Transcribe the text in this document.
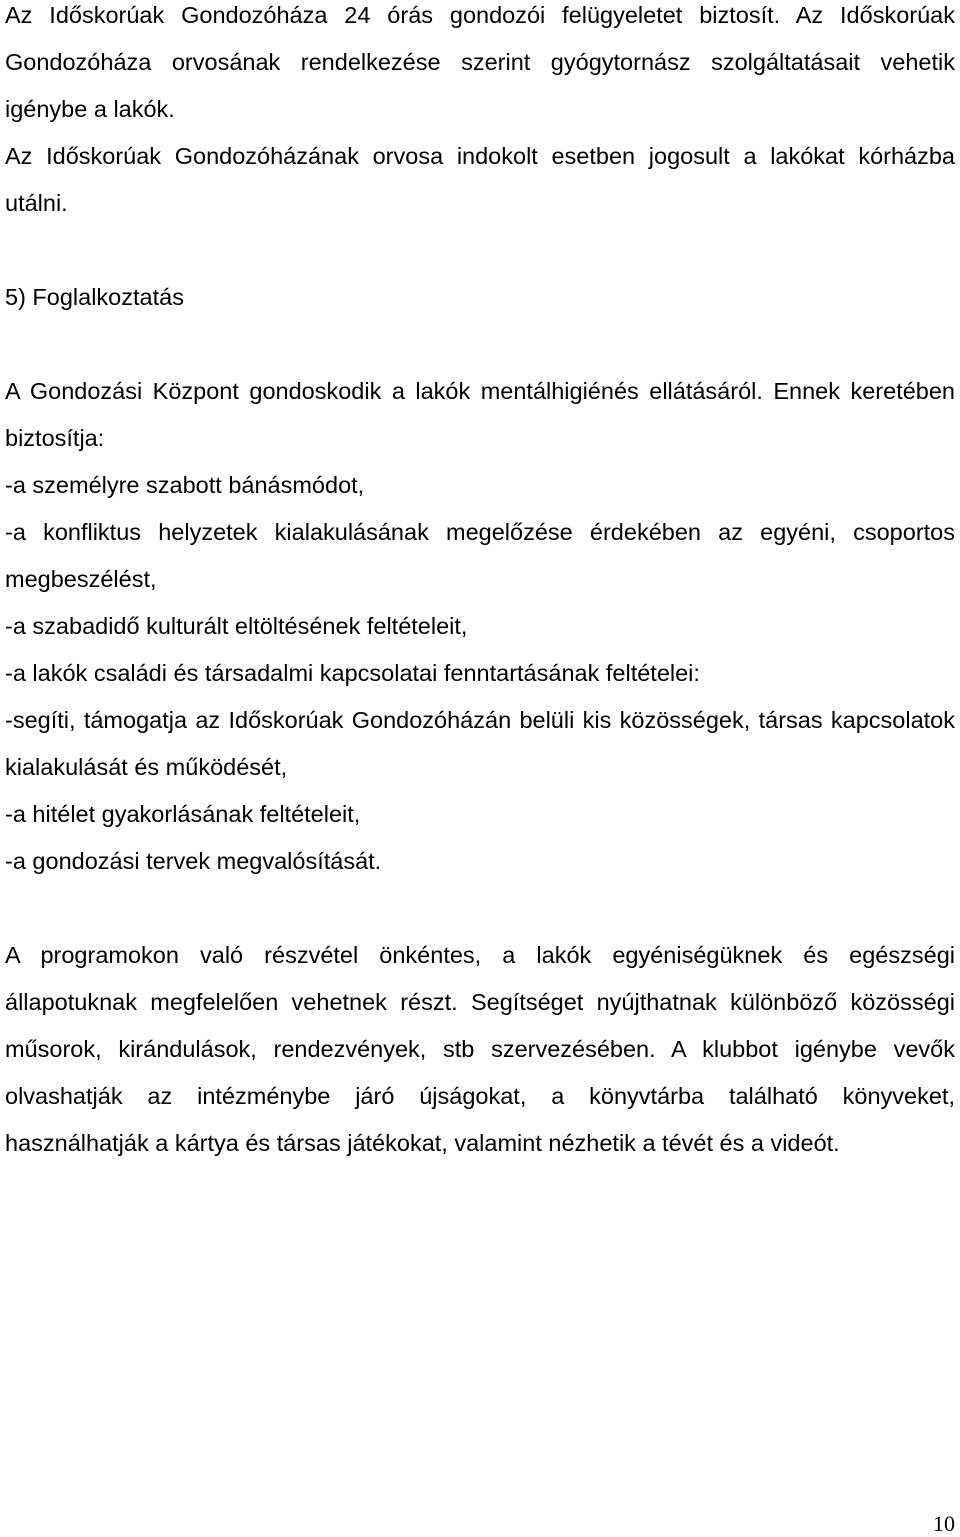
Az Időskorúak Gondozóháza 24 órás gondozói felügyeletet biztosít. Az Időskorúak Gondozóháza orvosának rendelkezése szerint gyógytornász szolgáltatásait vehetik igénybe a lakók.

Az Időskorúak Gondozóházának orvosa indokolt esetben jogosult a lakókat kórházba utálni.

5) Foglalkoztatás

A Gondozási Központ gondoskodik a lakók mentálhigiénés ellátásáról. Ennek keretében biztosítja:

-a személyre szabott bánásmódot,

-a konfliktus helyzetek kialakulásának megelőzése érdekében az egyéni, csoportos megbeszélést,

-a szabadidő kulturált eltöltésének feltételeit,

-a lakók családi és társadalmi kapcsolatai fenntartásának feltételei:

-segíti, támogatja az Időskorúak Gondozóházán belüli kis közösségek, társas kapcsolatok kialakulását és működését,

-a hitélet gyakorlásának feltételeit,

-a gondozási tervek megvalósítását.

A programokon való részvétel önkéntes, a lakók egyéniségüknek és egészségi állapotuknak megfelelően vehetnek részt. Segítséget nyújthatnak különböző közösségi műsorok, kirándulások, rendezvények, stb szervezésében. A klubbot igénybe vevők olvashatják az intézménybe járó újságokat, a könyvtárba található könyveket, használhatják a kártya és társas játékokat, valamint nézhetik a tévét és a videót.

10
